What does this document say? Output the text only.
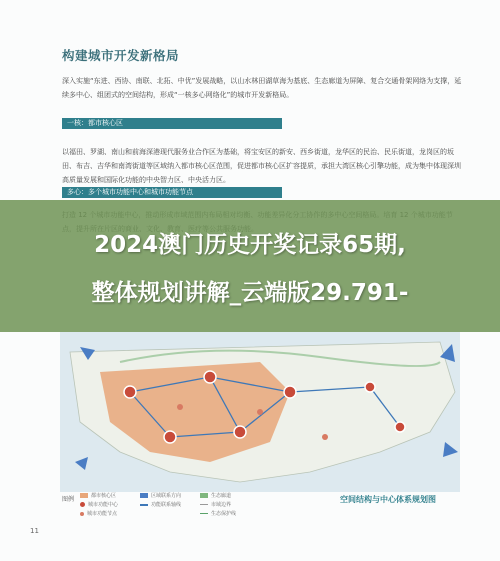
构建城市开发新格局
深入实施“东进、西协、南联、北拓、中优”发展战略，以山水林田湖草海为基底、生态廊道为屏障、复合交通骨架网络为支撑，延续多中心、组团式的空间结构，形成“一核多心网络化”的城市开发新格局。
一核：都市核心区
以福田、罗湖、南山和前海深港现代服务业合作区为基础，将宝安区的新安、西乡街道，龙华区的民治、民乐街道，龙岗区的坂田、布吉、吉华和南湾街道等区域纳入都市核心区范围，促进都市核心区扩容提质，承担大湾区核心引擎功能，成为集中体现深圳高质量发展和国际化功能的中央智力区、中央活力区。
多心：多个城市功能中心和城市功能节点
图例	都市核心区
城市功能中心
城市功能节点
区域联系方向
功能联系轴线
生态廊道
市域边界
生态保护线
空间结构与中心体系规划图
11
2024澳门历史开奖记录65期,
整体规划讲解_云端版29.791-
